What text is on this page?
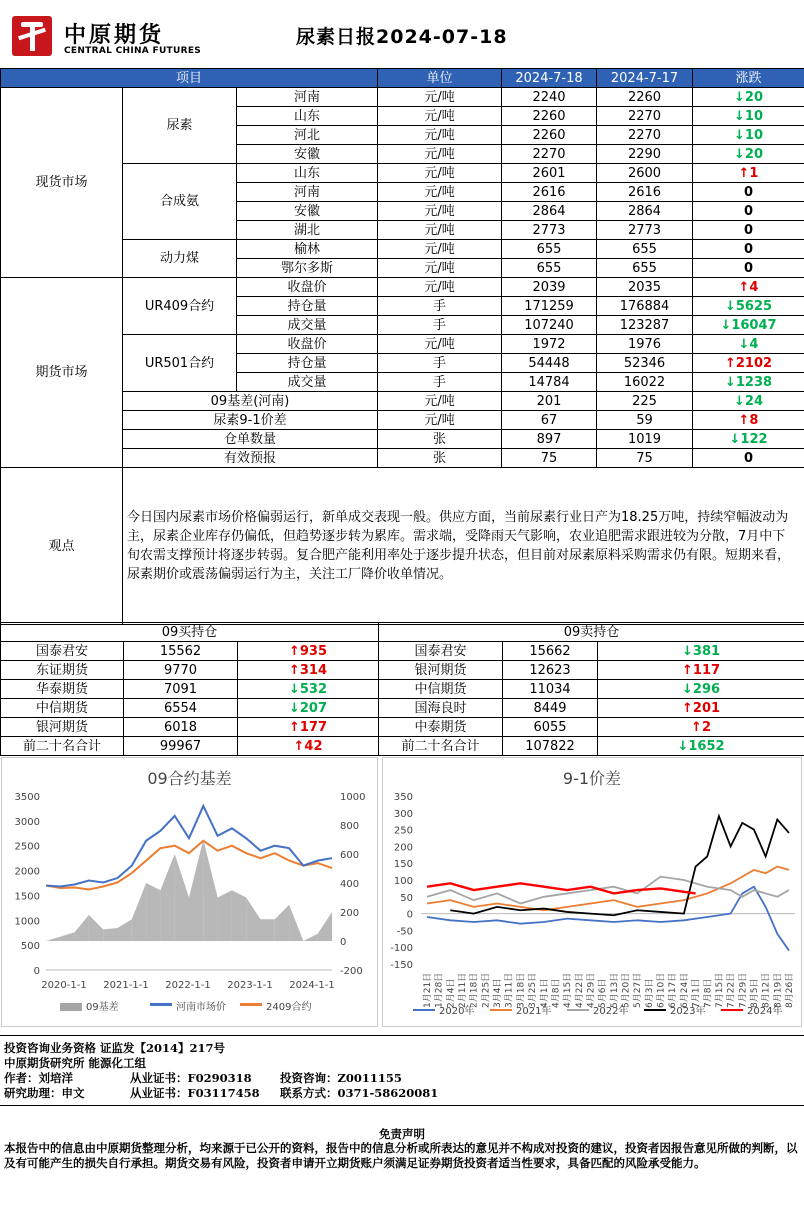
中原期货
CENTRAL CHINA FUTURES
尿素日报2024-07-18
项目			单位	2024-7-18	2024-7-17	涨跌
现货市场	尿素	河南	元/吨	2240	2260	↓20
		山东	元/吨	2260	2270	↓10
		河北	元/吨	2260	2270	↓10
		安徽	元/吨	2270	2290	↓20
	合成氨	山东	元/吨	2601	2600	↑1
		河南	元/吨	2616	2616	0
		安徽	元/吨	2864	2864	0
		湖北	元/吨	2773	2773	0
	动力煤	榆林	元/吨	655	655	0
		鄂尔多斯	元/吨	655	655	0
期货市场	UR409合约	收盘价	元/吨	2039	2035	↑4
		持仓量	手	171259	176884	↓5625
		成交量	手	107240	123287	↓16047
	UR501合约	收盘价	元/吨	1972	1976	↓4
		持仓量	手	54448	52346	↑2102
		成交量	手	14784	16022	↓1238
	09基差(河南)		元/吨	201	225	↓24
	尿素9-1价差		元/吨	67	59	↑8
	仓单数量		张	897	1019	↓122
	有效预报		张	75	75	0
观点	今日国内尿素市场价格偏弱运行，新单成交表现一般。供应方面，当前尿素行业日产为18.25万吨，持续窄幅波动为主，尿素企业库存仍偏低，但趋势逐步转为累库。需求端，受降雨天气影响，农业追肥需求跟进较为分散，7月中下旬农需支撑预计将逐步转弱。复合肥产能利用率处于逐步提升状态，但目前对尿素原料采购需求仍有限。短期来看，尿素期价或震荡偏弱运行为主，关注工厂降价收单情况。					
09买持仓			09卖持仓		
国泰君安	15562	↑935	国泰君安	15662	↓381
东证期货	9770	↑314	银河期货	12623	↑117
华泰期货	7091	↓532	中信期货	11034	↓296
中信期货	6554	↓207	国海良时	8449	↑201
银河期货	6018	↑177	中泰期货	6055	↑2
前二十名合计	99967	↑42	前二十名合计	107822	↓1652
09合约基差
0
500
1000
1500
2000
2500
3000
3500
-200
0
200
400
600
800
1000
2020-1-1 2021-1-1 2022-1-1 2023-1-1 2024-1-1
09基差	河南市场价	2409合约
9-1价差
-150
-100
-50
0
50
100
150
200
250
300
350
1月21日 1月28日 2月4日 2月11日 2月18日 2月25日 3月4日 3月11日 3月18日 3月25日 4月1日 4月8日 4月15日 4月22日 4月29日 5月6日 5月13日 5月20日 5月27日 6月3日 6月10日 6月17日 6月24日 7月1日 7月8日 7月15日 7月22日 7月29日 8月5日 8月12日 8月19日 8月26日
2020年	2021年	2022年	2023年	2024年
投资咨询业务资格 证监发【2014】217号
中原期货研究所 能源化工组
作者：刘培洋	从业证书：F0290318	投资咨询：Z0011155
研究助理：申文	从业证书：F03117458	联系方式：0371-58620081
免责声明
本报告中的信息由中原期货整理分析，均来源于已公开的资料，报告中的信息分析或所表达的意见并不构成对投资的建议，投资者因报告意见所做的判断，以及有可能产生的损失自行承担。期货交易有风险，投资者申请开立期货账户须满足证券期货投资者适当性要求，具备匹配的风险承受能力。
